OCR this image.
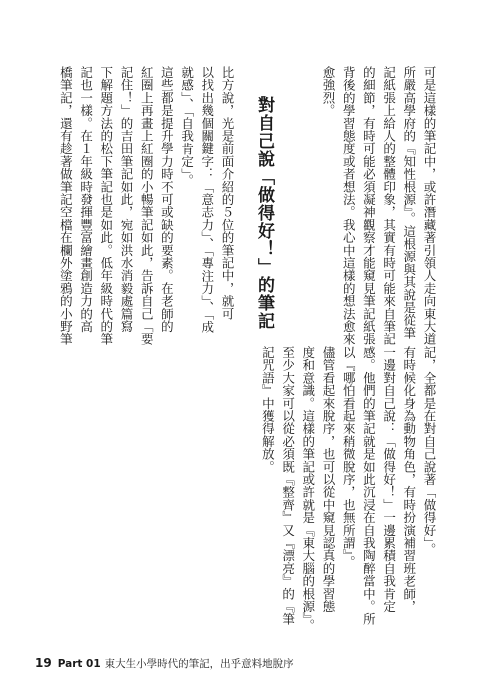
可是這樣的筆記中，或許潛藏著引領人走向東大道
所嚴高學府的『知性根源』。這根源與其說是從筆
記紙張上給人的整體印象，其實有時可能來自筆記
的細節，有時可能必須凝神觀察才能窺見筆記紙張
背後的學習態度或者想法。我心中這樣的想法愈來
愈強烈。
比方說，光是前面介紹的５位的筆記中，就可
以找出幾個關鍵字：「意志力」、「專注力」、「成
就感」、「自我肯定」。
這些都是提升學力時不可或缺的要素。在老師的
紅圈上再畫上紅圈的小暢筆記如此，告訴自己「要
記住！」的吉田筆記如此，宛如洪水消毅處篇寫
下解題方法的松下筆記也是如此。低年級時代的筆
記也一樣。在１年級時發揮豐富繪畫創造力的高
橋筆記，還有趁著做筆記空檔在欄外塗鴉的小野筆	對自己說「做得好！」的筆記
記，全都是在對自己說著「做得好」。
有時候化身為動物角色，有時扮演補習班老師，
一邊對自己說：「做得好！」一邊累積自我肯定
感。他們的筆記就是如此沉浸在自我陶醉當中。所
以『哪怕看起來稍微脫序，也無所謂』。
儘管看起來脫序，也可以從中窺見認真的學習態
度和意識。這樣的筆記或許就是『東大腦的根源』。
至少大家可以從必須既『整齊』又『漂亮』的『筆
記咒語』中獲得解放。
19 Part 01 東大生小學時代的筆記，出乎意料地脫序
